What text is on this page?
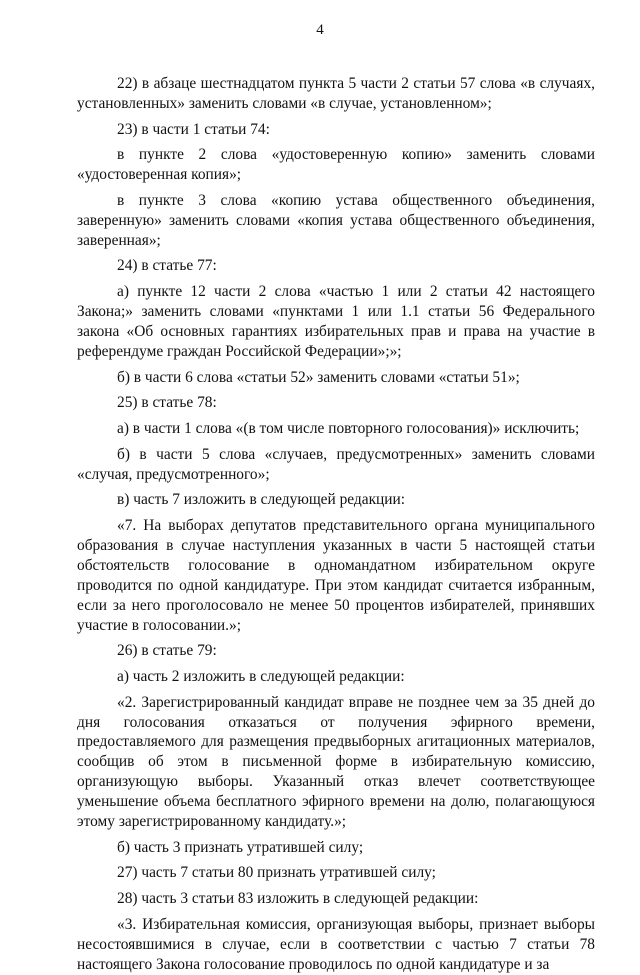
4

22) в абзаце шестнадцатом пункта 5 части 2 статьи 57 слова «в случаях, установленных» заменить словами «в случае, установленном»;

23) в части 1 статьи 74:

в пункте 2 слова «удостоверенную копию» заменить словами «удостоверенная копия»;

в пункте 3 слова «копию устава общественного объединения, заверенную» заменить словами «копия устава общественного объединения, заверенная»;

24) в статье 77:

а) пункте 12 части 2 слова «частью 1 или 2 статьи 42 настоящего Закона;» заменить словами «пунктами 1 или 1.1 статьи 56 Федерального закона «Об основных гарантиях избирательных прав и права на участие в референдуме граждан Российской Федерации»;»;

б) в части 6 слова «статьи 52» заменить словами «статьи 51»;

25) в статье 78:

а) в части 1 слова «(в том числе повторного голосования)» исключить;

б) в части 5 слова «случаев, предусмотренных» заменить словами «случая, предусмотренного»;

в) часть 7 изложить в следующей редакции:

«7. На выборах депутатов представительного органа муниципального образования в случае наступления указанных в части 5 настоящей статьи обстоятельств голосование в одномандатном избирательном округе проводится по одной кандидатуре. При этом кандидат считается избранным, если за него проголосовало не менее 50 процентов избирателей, принявших участие в голосовании.»;

26) в статье 79:

а) часть 2 изложить в следующей редакции:

«2. Зарегистрированный кандидат вправе не позднее чем за 35 дней до дня голосования отказаться от получения эфирного времени, предоставляемого для размещения предвыборных агитационных материалов, сообщив об этом в письменной форме в избирательную комиссию, организующую выборы. Указанный отказ влечет соответствующее уменьшение объема бесплатного эфирного времени на долю, полагающуюся этому зарегистрированному кандидату.»;

б) часть 3 признать утратившей силу;

27) часть 7 статьи 80 признать утратившей силу;

28) часть 3 статьи 83 изложить в следующей редакции:

«3. Избирательная комиссия, организующая выборы, признает выборы несостоявшимися в случае, если в соответствии с частью 7 статьи 78 настоящего Закона голосование проводилось по одной кандидатуре и за
